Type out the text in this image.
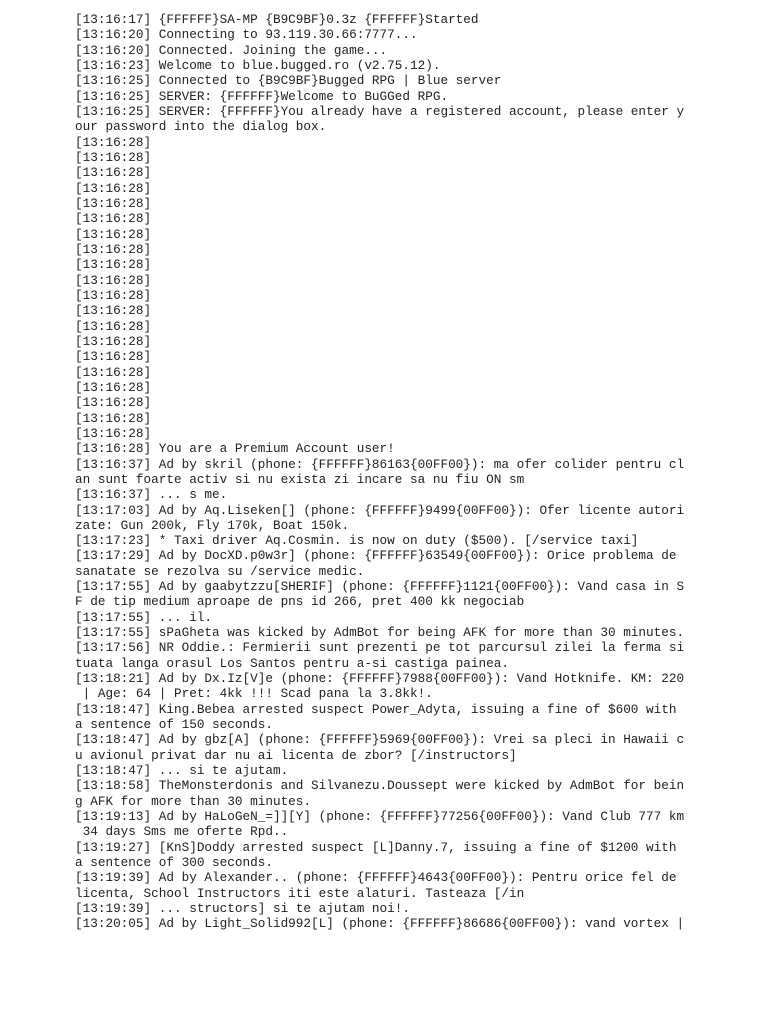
[13:16:17] {FFFFFF}SA-MP {B9C9BF}0.3z {FFFFFF}Started
[13:16:20] Connecting to 93.119.30.66:7777...
[13:16:20] Connected. Joining the game...
[13:16:23] Welcome to blue.bugged.ro (v2.75.12).
[13:16:25] Connected to {B9C9BF}Bugged RPG | Blue server
[13:16:25] SERVER: {FFFFFF}Welcome to BuGGed RPG.
[13:16:25] SERVER: {FFFFFF}You already have a registered account, please enter y
our password into the dialog box.
[13:16:28]
[13:16:28]
[13:16:28]
[13:16:28]
[13:16:28]
[13:16:28]
[13:16:28]
[13:16:28]
[13:16:28]
[13:16:28]
[13:16:28]
[13:16:28]
[13:16:28]
[13:16:28]
[13:16:28]
[13:16:28]
[13:16:28]
[13:16:28]
[13:16:28]
[13:16:28]
[13:16:28] You are a Premium Account user!
[13:16:37] Ad by skril (phone: {FFFFFF}86163{00FF00}): ma ofer colider pentru cl
an sunt foarte activ si nu exista zi incare sa nu fiu ON sm
[13:16:37] ... s me.
[13:17:03] Ad by Aq.Liseken[] (phone: {FFFFFF}9499{00FF00}): Ofer licente autori
zate: Gun 200k, Fly 170k, Boat 150k.
[13:17:23] * Taxi driver Aq.Cosmin. is now on duty ($500). [/service taxi]
[13:17:29] Ad by DocXD.p0w3r] (phone: {FFFFFF}63549{00FF00}): Orice problema de
sanatate se rezolva su /service medic.
[13:17:55] Ad by gaabytzzu[SHERIF] (phone: {FFFFFF}1121{00FF00}): Vand casa in S
F de tip medium aproape de pns id 266, pret 400 kk negociab
[13:17:55] ... il.
[13:17:55] sPaGheta was kicked by AdmBot for being AFK for more than 30 minutes.
[13:17:56] NR Oddie.: Fermierii sunt prezenti pe tot parcursul zilei la ferma si
tuata langa orasul Los Santos pentru a-si castiga painea.
[13:18:21] Ad by Dx.Iz[V]e (phone: {FFFFFF}7988{00FF00}): Vand Hotknife. KM: 220
| Age: 64 | Pret: 4kk !!! Scad pana la 3.8kk!.
[13:18:47] King.Bebea arrested suspect Power_Adyta, issuing a fine of $600 with
a sentence of 150 seconds.
[13:18:47] Ad by gbz[A] (phone: {FFFFFF}5969{00FF00}): Vrei sa pleci in Hawaii c
u avionul privat dar nu ai licenta de zbor? [/instructors]
[13:18:47] ... si te ajutam.
[13:18:58] TheMonsterdonis and Silvanezu.Doussept were kicked by AdmBot for bein
g AFK for more than 30 minutes.
[13:19:13] Ad by HaLoGeN_=]][Y] (phone: {FFFFFF}77256{00FF00}): Vand Club 777 km
34 days Sms me oferte Rpd..
[13:19:27] [KnS]Doddy arrested suspect [L]Danny.7, issuing a fine of $1200 with
a sentence of 300 seconds.
[13:19:39] Ad by Alexander.. (phone: {FFFFFF}4643{00FF00}): Pentru orice fel de
licenta, School Instructors iti este alaturi. Tasteaza [/in
[13:19:39] ... structors] si te ajutam noi!.
[13:20:05] Ad by Light_Solid992[L] (phone: {FFFFFF}86686{00FF00}): vand vortex |
